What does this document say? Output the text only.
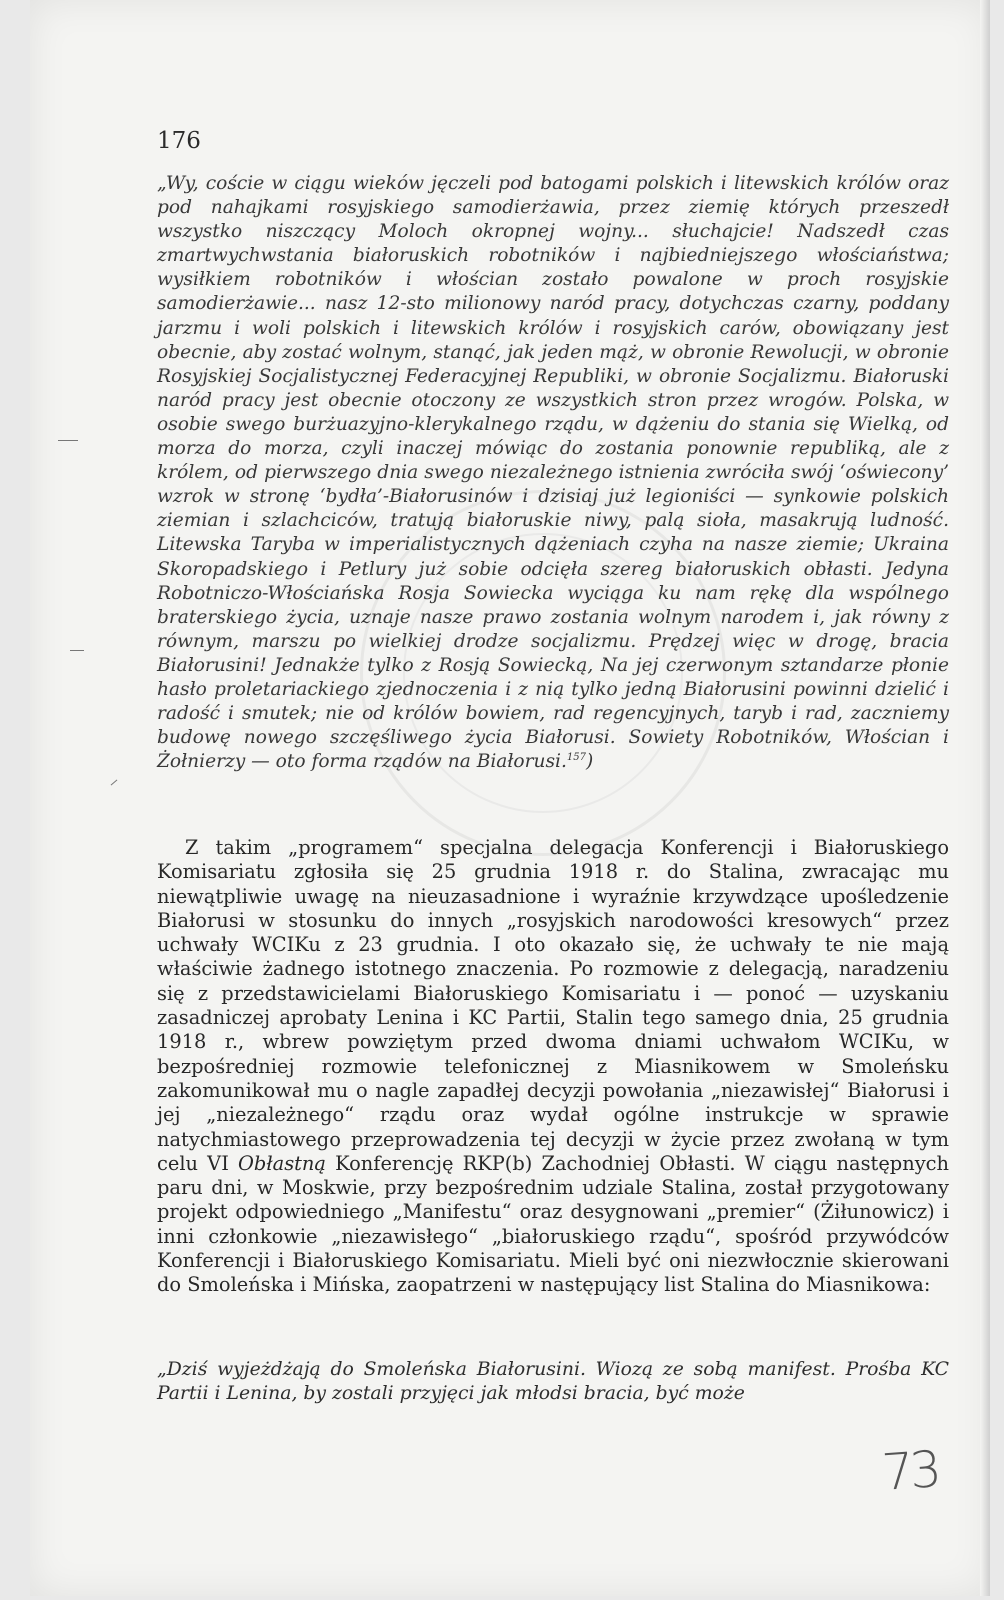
176
„Wy, coście w ciągu wieków jęczeli pod batogami polskich i litewskich królów oraz pod nahajkami rosyjskiego samodierżawia, przez ziemię których przeszedł wszystko niszczący Moloch okropnej wojny... słuchajcie! Nadszedł czas zmartwychwstania białoruskich robotników i najbiedniejszego włościaństwa; wysiłkiem robotników i włościan zostało powalone w proch rosyjskie samodierżawie... nasz 12-sto milionowy naród pracy, dotychczas czarny, poddany jarzmu i woli polskich i litewskich królów i rosyjskich carów, obowiązany jest obecnie, aby zostać wolnym, stanąć, jak jeden mąż, w obronie Rewolucji, w obronie Rosyjskiej Socjalistycznej Federacyjnej Republiki, w obronie Socjalizmu. Białoruski naród pracy jest obecnie otoczony ze wszystkich stron przez wrogów. Polska, w osobie swego burżuazyjno-klerykalnego rządu, w dążeniu do stania się Wielką, od morza do morza, czyli inaczej mówiąc do zostania ponownie republiką, ale z królem, od pierwszego dnia swego niezależnego istnienia zwróciła swój ‘oświecony’ wzrok w stronę ‘bydła’-Białorusinów i dzisiaj już legioniści — synkowie polskich ziemian i szlachciców, tratują białoruskie niwy, palą sioła, masakrują ludność. Litewska Taryba w imperialistycznych dążeniach czyha na nasze ziemie; Ukraina Skoropadskiego i Petlury już sobie odcięła szereg białoruskich obłasti. Jedyna Robotniczo-Włościańska Rosja Sowiecka wyciąga ku nam rękę dla wspólnego braterskiego życia, uznaje nasze prawo zostania wolnym narodem i, jak równy z równym, marszu po wielkiej drodze socjalizmu. Prędzej więc w drogę, bracia Białorusini! Jednakże tylko z Rosją Sowiecką, Na jej czerwonym sztandarze płonie hasło proletariackiego zjednoczenia i z nią tylko jedną Białorusini powinni dzielić i radość i smutek; nie od królów bowiem, rad regencyjnych, taryb i rad, zaczniemy budowę nowego szczęśliwego życia Białorusi. Sowiety Robotników, Włościan i Żołnierzy — oto forma rządów na Białorusi.$^{157}$)
Z takim „programem“ specjalna delegacja Konferencji i Białoruskiego Komisariatu zgłosiła się 25 grudnia 1918 r. do Stalina, zwracając mu niewątpliwie uwagę na nieuzasadnione i wyraźnie krzywdzące upośledzenie Białorusi w stosunku do innych „rosyjskich narodowości kresowych“ przez uchwały WCIKu z 23 grudnia. I oto okazało się, że uchwały te nie mają właściwie żadnego istotnego znaczenia. Po rozmowie z delegacją, naradzeniu się z przedstawicielami Białoruskiego Komisariatu i — ponoć — uzyskaniu zasadniczej aprobaty Lenina i KC Partii, Stalin tego samego dnia, 25 grudnia 1918 r., wbrew powziętym przed dwoma dniami uchwałom WCIKu, w bezpośredniej rozmowie telefonicznej z Miasnikowem w Smoleńsku zakomunikował mu o nagle zapadłej decyzji powołania „niezawisłej“ Białorusi i jej „niezależnego“ rządu oraz wydał ogólne instrukcje w sprawie natychmiastowego przeprowadzenia tej decyzji w życie przez zwołaną w tym celu VI Obłastną Konferencję RKP(b) Zachodniej Obłasti. W ciągu następnych paru dni, w Moskwie, przy bezpośrednim udziale Stalina, został przygotowany projekt odpowiedniego „Manifestu“ oraz desygnowani „premier“ (Żiłunowicz) i inni członkowie „niezawisłego“ „białoruskiego rządu“, spośród przywódców Konferencji i Białoruskiego Komisariatu. Mieli być oni niezwłocznie skierowani do Smoleńska i Mińska, zaopatrzeni w następujący list Stalina do Miasnikowa:
„Dziś wyjeżdżają do Smoleńska Białorusini. Wiozą ze sobą manifest. Prośba KC Partii i Lenina, by zostali przyjęci jak młodsi bracia, być może
73
